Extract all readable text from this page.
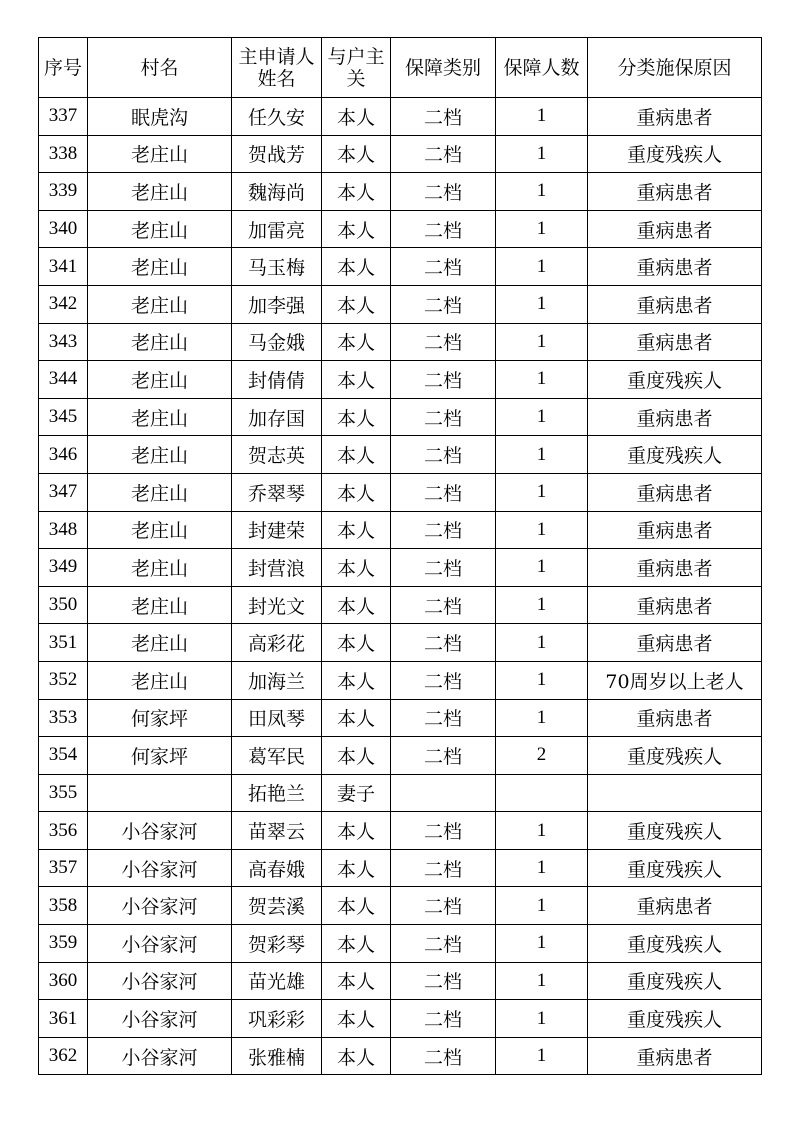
序号	村名	主申请人姓名	与户主关	保障类别	保障人数	分类施保原因
337	眠虎沟	任久安	本人	二档	1	重病患者
338	老庄山	贺战芳	本人	二档	1	重度残疾人
339	老庄山	魏海尚	本人	二档	1	重病患者
340	老庄山	加雷亮	本人	二档	1	重病患者
341	老庄山	马玉梅	本人	二档	1	重病患者
342	老庄山	加李强	本人	二档	1	重病患者
343	老庄山	马金娥	本人	二档	1	重病患者
344	老庄山	封倩倩	本人	二档	1	重度残疾人
345	老庄山	加存国	本人	二档	1	重病患者
346	老庄山	贺志英	本人	二档	1	重度残疾人
347	老庄山	乔翠琴	本人	二档	1	重病患者
348	老庄山	封建荣	本人	二档	1	重病患者
349	老庄山	封营浪	本人	二档	1	重病患者
350	老庄山	封光文	本人	二档	1	重病患者
351	老庄山	高彩花	本人	二档	1	重病患者
352	老庄山	加海兰	本人	二档	1	70周岁以上老人
353	何家坪	田凤琴	本人	二档	1	重病患者
354	何家坪	葛军民	本人	二档	2	重度残疾人
355		拓艳兰	妻子			
356	小谷家河	苗翠云	本人	二档	1	重度残疾人
357	小谷家河	高春娥	本人	二档	1	重度残疾人
358	小谷家河	贺芸溪	本人	二档	1	重病患者
359	小谷家河	贺彩琴	本人	二档	1	重度残疾人
360	小谷家河	苗光雄	本人	二档	1	重度残疾人
361	小谷家河	巩彩彩	本人	二档	1	重度残疾人
362	小谷家河	张雅楠	本人	二档	1	重病患者
